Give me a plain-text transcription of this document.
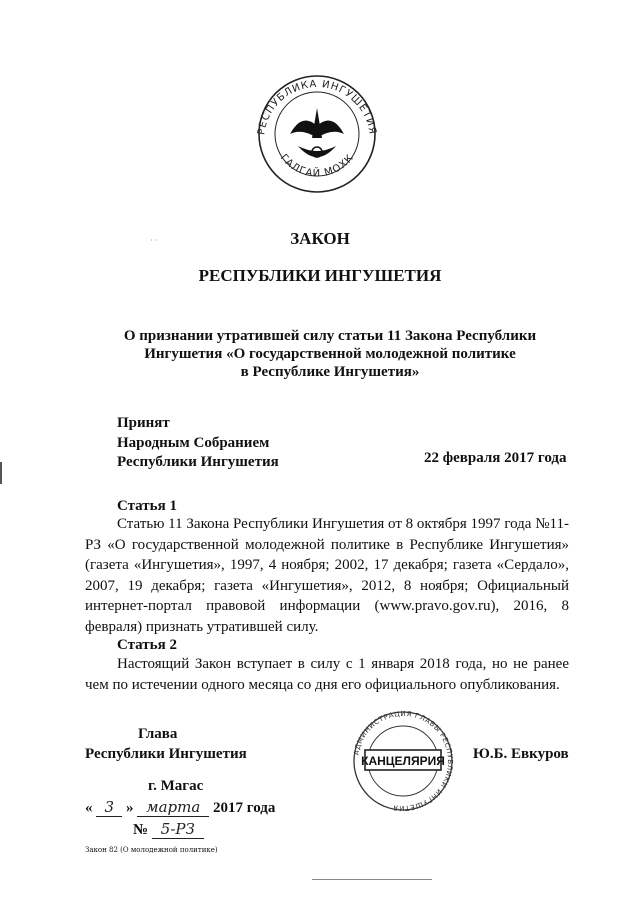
РЕСПУБЛИКА ИНГУШЕТИЯ
ГАЛГАЙ МОХК
· ·	ЗАКОН
РЕСПУБЛИКИ ИНГУШЕТИЯ
О признании утратившей силу статьи 11 Закона Республики
Ингушетия «О государственной молодежной политике
в Республике Ингушетия»
Принят
Народным Собранием
Республики Ингушетия	22 февраля 2017 года
Статья 1
Статью 11 Закона Республики Ингушетия от 8 октября 1997 года №11-РЗ «О государственной молодежной политике в Республике Ингушетия» (газета «Ингушетия», 1997, 4 ноября; 2002, 17 декабря; газета «Сердало», 2007, 19 декабря; газета «Ингушетия», 2012, 8 ноября; Официальный интернет-портал правовой информации (www.pravo.gov.ru), 2016, 8 февраля) признать утратившей силу.
Статья 2
Настоящий Закон вступает в силу с 1 января 2018 года, но не ранее чем по истечении одного месяца со дня его официального опубликования.
Глава
Республики Ингушетия	Ю.Б. Евкуров
АДМИНИСТРАЦИЯ ГЛАВЫ РЕСПУБЛИКИ ИНГУШЕТИЯ
КАНЦЕЛЯРИЯ
г. Магас
« 3 » марта 2017 года
№ 5-РЗ
Закон 82 (О молодежной политике)
